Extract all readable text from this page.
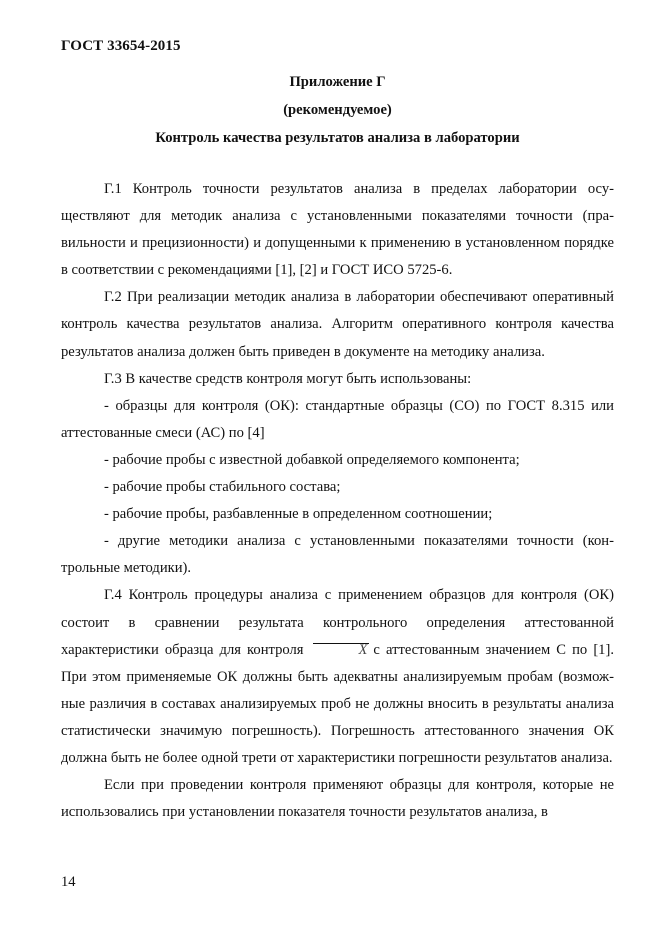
ГОСТ 33654-2015
Приложение Г
(рекомендуемое)
Контроль качества результатов анализа в лаборатории

Г.1 Контроль точности результатов анализа в пределах лаборатории осуществляют для методик анализа с установленными показателями точности (правильности и прецизионности) и допущенными к применению в установленном порядке в соответствии с рекомендациями [1], [2] и ГОСТ ИСО 5725-6.

Г.2 При реализации методик анализа в лаборатории обеспечивают оперативный контроль качества результатов анализа. Алгоритм оперативного контроля качества результатов анализа должен быть приведен в документе на методику анализа.

Г.3 В качестве средств контроля могут быть использованы:

- образцы для контроля (ОК): стандартные образцы (СО) по ГОСТ 8.315 или аттестованные смеси (АС) по [4]

- рабочие пробы с известной добавкой определяемого компонента;

- рабочие пробы стабильного состава;

- рабочие пробы, разбавленные в определенном соотношении;

- другие методики анализа с установленными показателями точности (контрольные методики).

Г.4 Контроль процедуры анализа с применением образцов для контроля (ОК) состоит в сравнении результата контрольного определения аттестованной характеристики образца для контроля	X с аттестованным значением С по [1]. При этом применяемые ОК должны быть адекватны анализируемым пробам (возможные различия в составах анализируемых проб не должны вносить в результаты анализа статистически значимую погрешность). Погрешность аттестованного значения ОК должна быть не более одной трети от характеристики погрешности результатов анализа.

Если при проведении контроля применяют образцы для контроля, которые не использовались при установлении показателя точности результатов анализа, в

14
